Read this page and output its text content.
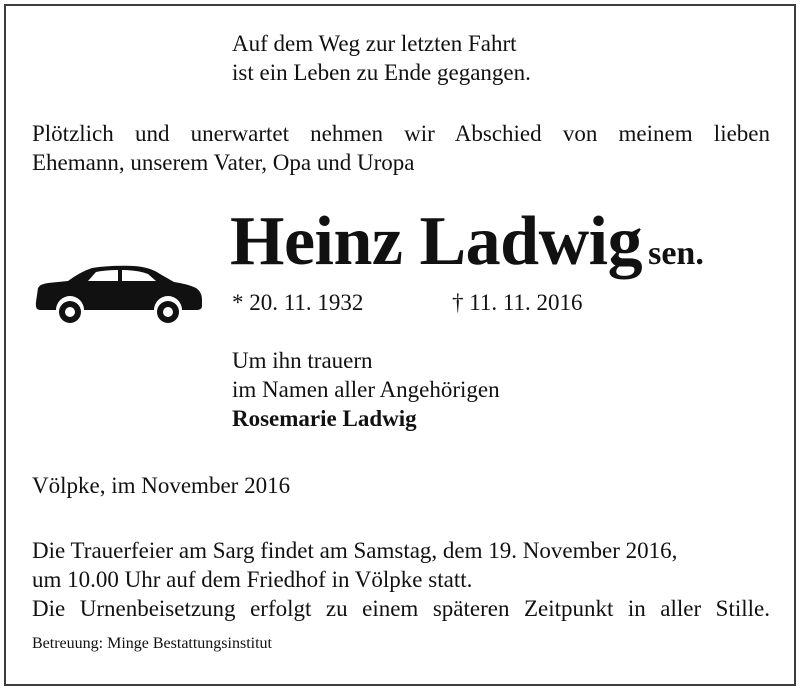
Auf dem Weg zur letzten Fahrt
ist ein Leben zu Ende gegangen.
Plötzlich und unerwartet nehmen wir Abschied von meinem lieben
Ehemann, unserem Vater, Opa und Uropa
Heinz Ladwig sen.
* 20. 11. 1932	† 11. 11. 2016
Um ihn trauern
im Namen aller Angehörigen
Rosemarie Ladwig
Völpke, im November 2016
Die Trauerfeier am Sarg findet am Samstag, dem 19. November 2016,
um 10.00 Uhr auf dem Friedhof in Völpke statt.
Die Urnenbeisetzung erfolgt zu einem späteren Zeitpunkt in aller Stille.
Betreuung: Minge Bestattungsinstitut
